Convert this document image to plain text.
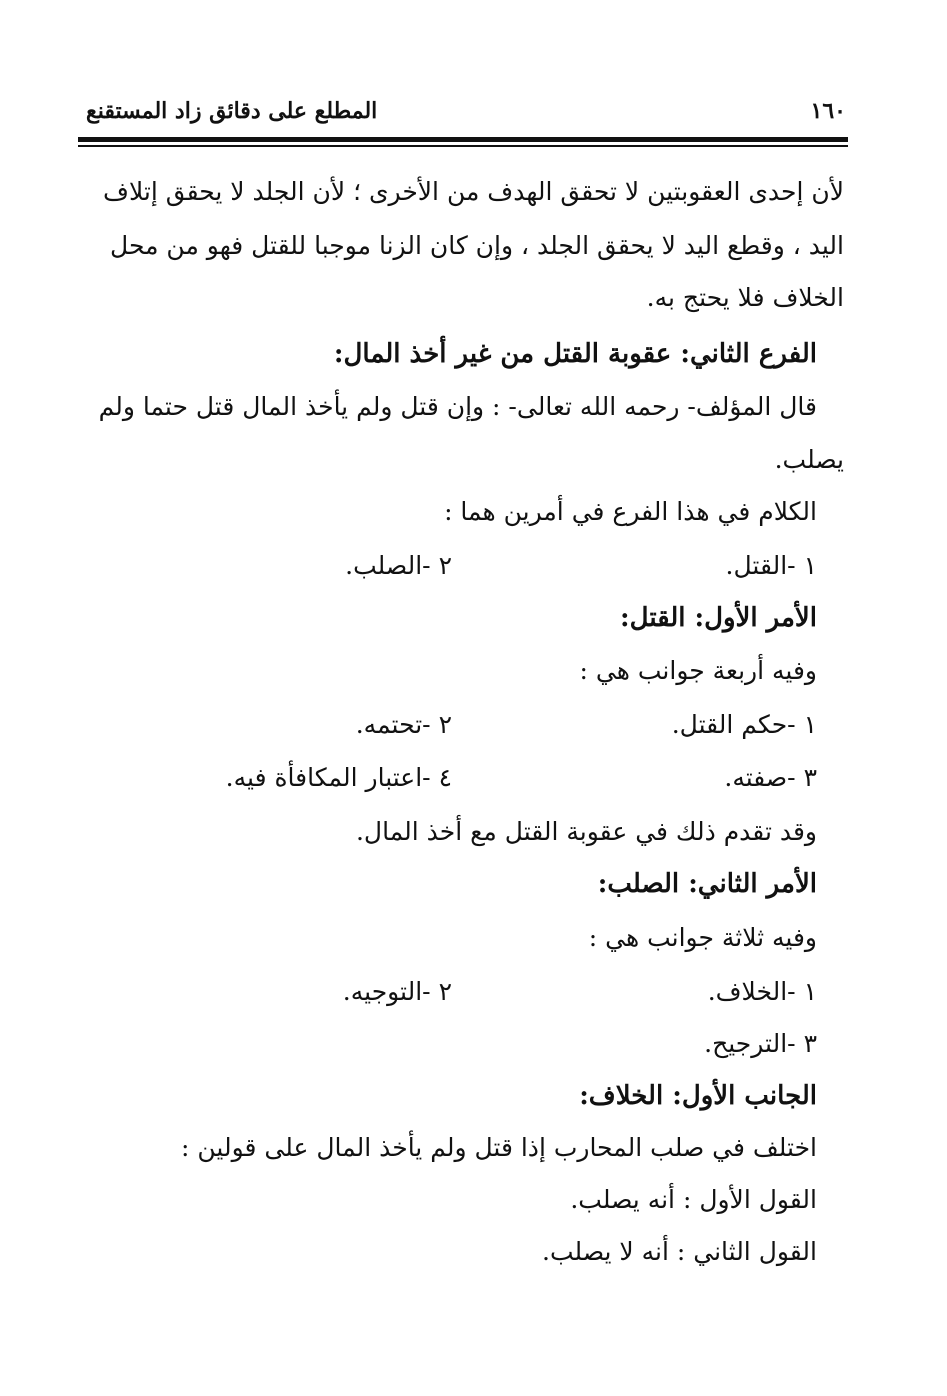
المطلع على دقائق زاد المستقنع	١٦٠
لأن إحدى العقوبتين لا تحقق الهدف من الأخرى ؛ لأن الجلد لا يحقق إتلاف
اليد ، وقطع اليد لا يحقق الجلد ، وإن كان الزنا موجبا للقتل فهو من محل
الخلاف فلا يحتج به.
الفرع الثاني: عقوبة القتل من غير أخذ المال:
قال المؤلف- رحمه الله تعالى- : وإن قتل ولم يأخذ المال قتل حتما ولم
يصلب.
الكلام في هذا الفرع في أمرين هما :
١ -القتل.
٢ -الصلب.
الأمر الأول: القتل:
وفيه أربعة جوانب هي :
١ -حكم القتل.
٢ -تحتمه.
٣ -صفته.
٤ -اعتبار المكافأة فيه.
وقد تقدم ذلك في عقوبة القتل مع أخذ المال.
الأمر الثاني: الصلب:
وفيه ثلاثة جوانب هي :
١ -الخلاف.
٢ -التوجيه.
٣ -الترجيح.
الجانب الأول: الخلاف:
اختلف في صلب المحارب إذا قتل ولم يأخذ المال على قولين :
القول الأول : أنه يصلب.
القول الثاني : أنه لا يصلب.
